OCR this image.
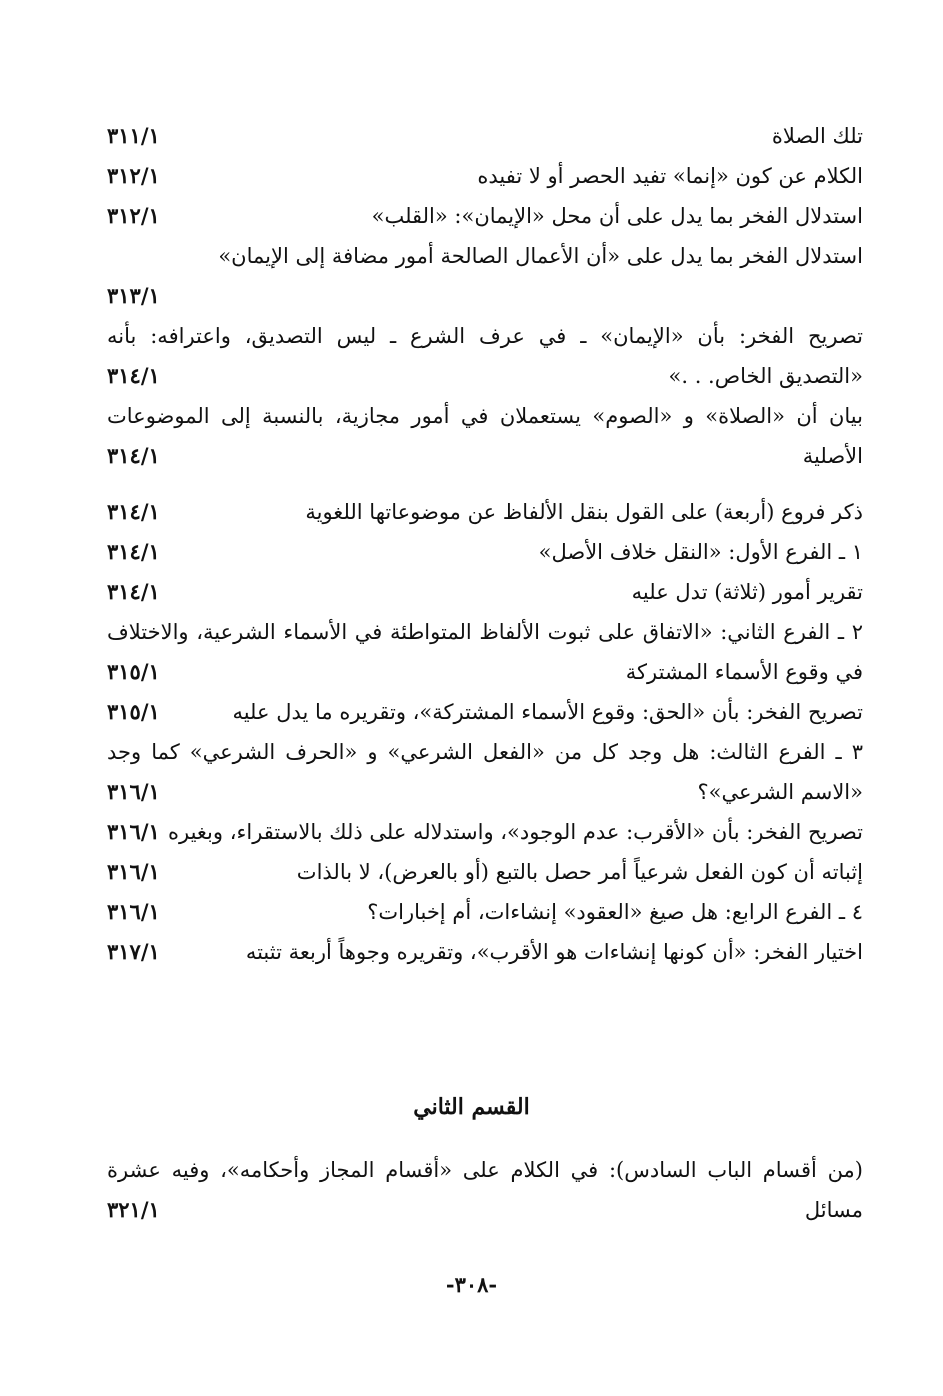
تلك الصلاة
٣١١/١
الكلام عن كون «إنما» تفيد الحصر أو لا تفيده
٣١٢/١
استدلال الفخر بما يدل على أن محل «الإيمان»: «القلب»
٣١٢/١
استدلال الفخر بما يدل على «أن الأعمال الصالحة أمور مضافة إلى الإيمان»
٣١٣/١
تصريح الفخر: بأن «الإيمان» ـ في عرف الشرع ـ ليس التصديق، واعترافه: بأنه «التصديق الخاص. . .»
٣١٤/١
بيان أن «الصلاة» و «الصوم» يستعملان في أمور مجازية، بالنسبة إلى الموضوعات الأصلية
٣١٤/١
ذكر فروع (أربعة) على القول بنقل الألفاظ عن موضوعاتها اللغوية
٣١٤/١
١ ـ الفرع الأول: «النقل خلاف الأصل»
٣١٤/١
تقرير أمور (ثلاثة) تدل عليه
٣١٤/١
٢ ـ الفرع الثاني: «الاتفاق على ثبوت الألفاظ المتواطئة في الأسماء الشرعية، والاختلاف في وقوع الأسماء المشتركة
٣١٥/١
تصريح الفخر: بأن «الحق: وقوع الأسماء المشتركة»، وتقريره ما يدل عليه
٣١٥/١
٣ ـ الفرع الثالث: هل وجد كل من «الفعل الشرعي» و «الحرف الشرعي» كما وجد «الاسم الشرعي»؟
٣١٦/١
تصريح الفخر: بأن «الأقرب: عدم الوجود»، واستدلاله على ذلك بالاستقراء، وبغيره
٣١٦/١
إثباته أن كون الفعل شرعياً أمر حصل بالتبع (أو بالعرض)، لا بالذات
٣١٦/١
٤ ـ الفرع الرابع: هل صيغ «العقود» إنشاءات، أم إخبارات؟
٣١٦/١
اختيار الفخر: «أن كونها إنشاءات هو الأقرب»، وتقريره وجوهاً أربعة تثبته
٣١٧/١
القسم الثاني
(من أقسام الباب السادس): في الكلام على «أقسام المجاز وأحكامه»، وفيه عشرة مسائل
٣٢١/١
-٣٠٨-
